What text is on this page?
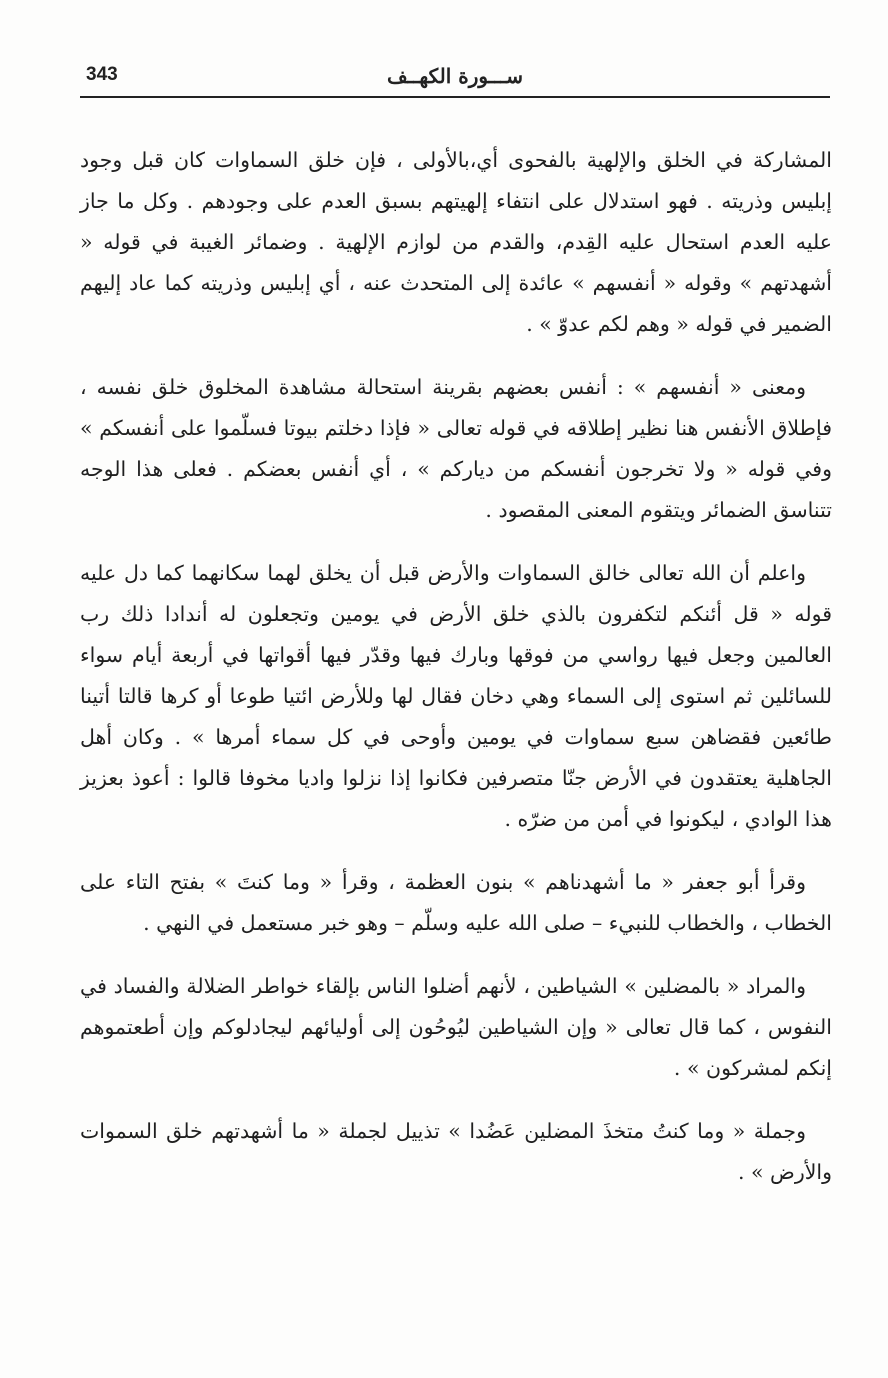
343	ســـورة الكهــف

المشاركة في الخلق والإلهية بالفحوى أي،بالأولى ، فإن خلق السماوات كان قبل وجود إبليس وذريته . فهو استدلال على انتفاء إلهيتهم بسبق العدم على وجودهم . وكل ما جاز عليه العدم استحال عليه القِدم، والقدم من لوازم الإلهية . وضمائر الغيبة في قوله « أشهدتهم » وقوله « أنفسهم » عائدة إلى المتحدث عنه ، أي إبليس وذريته كما عاد إليهم الضمير في قوله « وهم لكم عدوّ » .

ومعنى « أنفسهم » : أنفس بعضهم بقرينة استحالة مشاهدة المخلوق خلق نفسه ، فإطلاق الأنفس هنا نظير إطلاقه في قوله تعالى « فإذا دخلتم بيوتا فسلّموا على أنفسكم » وفي قوله « ولا تخرجون أنفسكم من دياركم » ، أي أنفس بعضكم . فعلى هذا الوجه تتناسق الضمائر ويتقوم المعنى المقصود .

واعلم أن الله تعالى خالق السماوات والأرض قبل أن يخلق لهما سكانهما كما دل عليه قوله « قل أئنكم لتكفرون بالذي خلق الأرض في يومين وتجعلون له أندادا ذلك رب العالمين وجعل فيها رواسي من فوقها وبارك فيها وقدّر فيها أقواتها في أربعة أيام سواء للسائلين ثم استوى إلى السماء وهي دخان فقال لها وللأرض ائتيا طوعا أو كرها قالتا أتينا طائعين فقضاهن سبع سماوات في يومين وأوحى في كل سماء أمرها » . وكان أهل الجاهلية يعتقدون في الأرض جنّا متصرفين فكانوا إذا نزلوا واديا مخوفا قالوا : أعوذ بعزيز هذا الوادي ، ليكونوا في أمن من ضرّه .

وقرأ أبو جعفر « ما أشهدناهم » بنون العظمة ، وقرأ « وما كنتَ » بفتح التاء على الخطاب ، والخطاب للنبيء – صلى الله عليه وسلّم – وهو خبر مستعمل في النهي .

والمراد « بالمضلين » الشياطين ، لأنهم أضلوا الناس بإلقاء خواطر الضلالة والفساد في النفوس ، كما قال تعالى « وإن الشياطين ليُوحُون إلى أوليائهم ليجادلوكم وإن أطعتموهم إنكم لمشركون » .

وجملة « وما كنتُ متخذَ المضلين عَضُدا » تذييل لجملة « ما أشهدتهم خلق السموات والأرض » .
